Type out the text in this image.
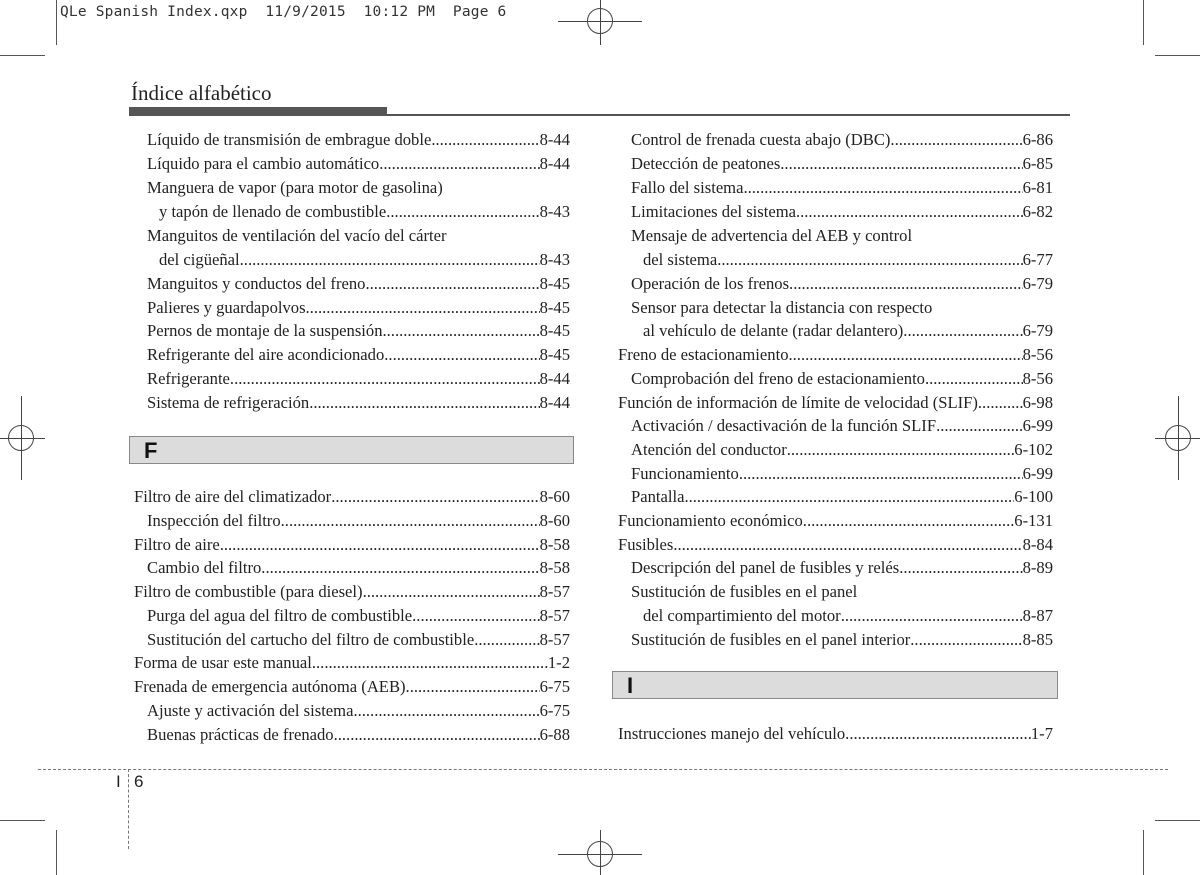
QLe Spanish Index.qxp  11/9/2015  10:12 PM  Page 6
Índice alfabético
Líquido de transmisión de embrague doble .....	8-44
Líquido para el cambio automático .....	8-44
Manguera de vapor (para motor de gasolina)
y tapón de llenado de combustible .....	8-43
Manguitos de ventilación del vacío del cárter
del cigüeñal .....	8-43
Manguitos y conductos del freno .....	8-45
Palieres y guardapolvos .....	8-45
Pernos de montaje de la suspensión .....	8-45
Refrigerante del aire acondicionado .....	8-45
Refrigerante .....	8-44
Sistema de refrigeración .....	8-44
F
Filtro de aire del climatizador .....	8-60
Inspección del filtro .....	8-60
Filtro de aire .....	8-58
Cambio del filtro .....	8-58
Filtro de combustible (para diesel) .....	8-57
Purga del agua del filtro de combustible .....	8-57
Sustitución del cartucho del filtro de combustible .....	8-57
Forma de usar este manual .....	1-2
Frenada de emergencia autónoma (AEB) .....	6-75
Ajuste y activación del sistema .....	6-75
Buenas prácticas de frenado .....	6-88
Control de frenada cuesta abajo (DBC) .....	6-86
Detección de peatones .....	6-85
Fallo del sistema .....	6-81
Limitaciones del sistema .....	6-82
Mensaje de advertencia del AEB y control
del sistema .....	6-77
Operación de los frenos .....	6-79
Sensor para detectar la distancia con respecto
al vehículo de delante (radar delantero) .....	6-79
Freno de estacionamiento .....	8-56
Comprobación del freno de estacionamiento .....	8-56
Función de información de límite de velocidad (SLIF) .....	6-98
Activación / desactivación de la función SLIF .....	6-99
Atención del conductor .....	6-102
Funcionamiento .....	6-99
Pantalla .....	6-100
Funcionamiento económico .....	6-131
Fusibles .....	8-84
Descripción del panel de fusibles y relés .....	8-89
Sustitución de fusibles en el panel
del compartimiento del motor .....	8-87
Sustitución de fusibles en el panel interior .....	8-85
I
Instrucciones manejo del vehículo .....	1-7
I 6
